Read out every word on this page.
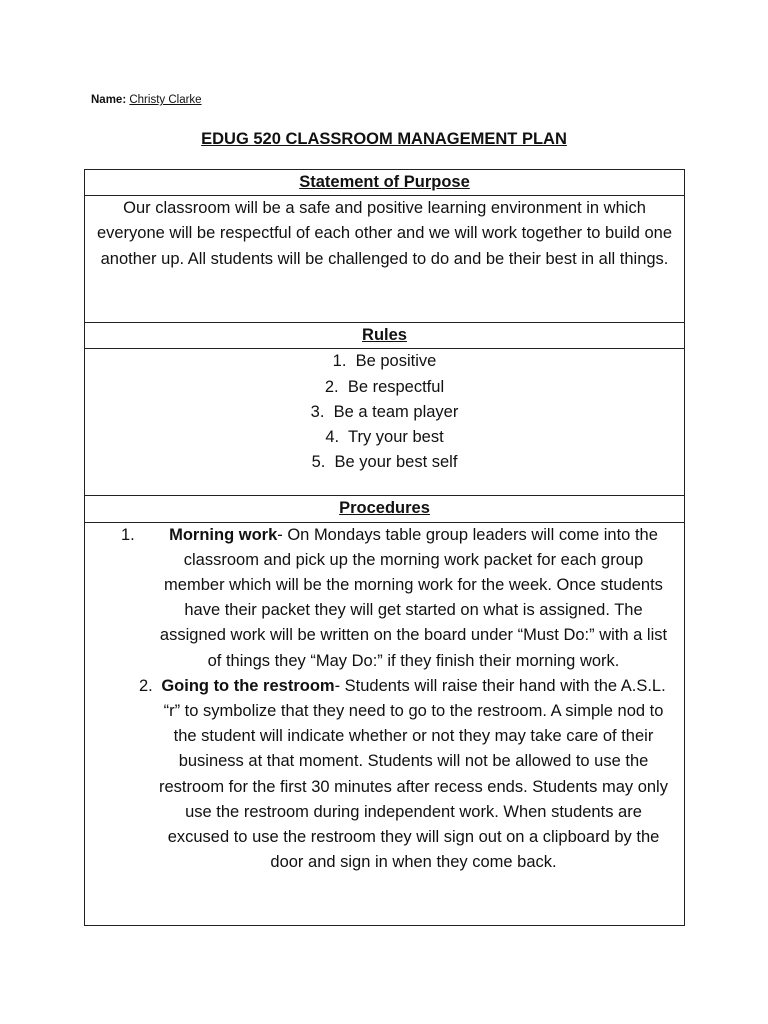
Name: Christy Clarke
EDUG 520 CLASSROOM MANAGEMENT PLAN
Statement of Purpose
Our classroom will be a safe and positive learning environment in which everyone will be respectful of each other and we will work together to build one another up. All students will be challenged to do and be their best in all things.
Rules

1. Be positive
2. Be respectful
3. Be a team player
4. Try your best
5. Be your best self

Procedures

1. Morning work- On Mondays table group leaders will come into the classroom and pick up the morning work packet for each group member which will be the morning work for the week. Once students have their packet they will get started on what is assigned. The assigned work will be written on the board under “Must Do:” with a list of things they “May Do:” if they finish their morning work.
2. Going to the restroom- Students will raise their hand with the A.S.L. “r” to symbolize that they need to go to the restroom. A simple nod to the student will indicate whether or not they may take care of their business at that moment. Students will not be allowed to use the restroom for the first 30 minutes after recess ends. Students may only use the restroom during independent work. When students are excused to use the restroom they will sign out on a clipboard by the door and sign in when they come back.
